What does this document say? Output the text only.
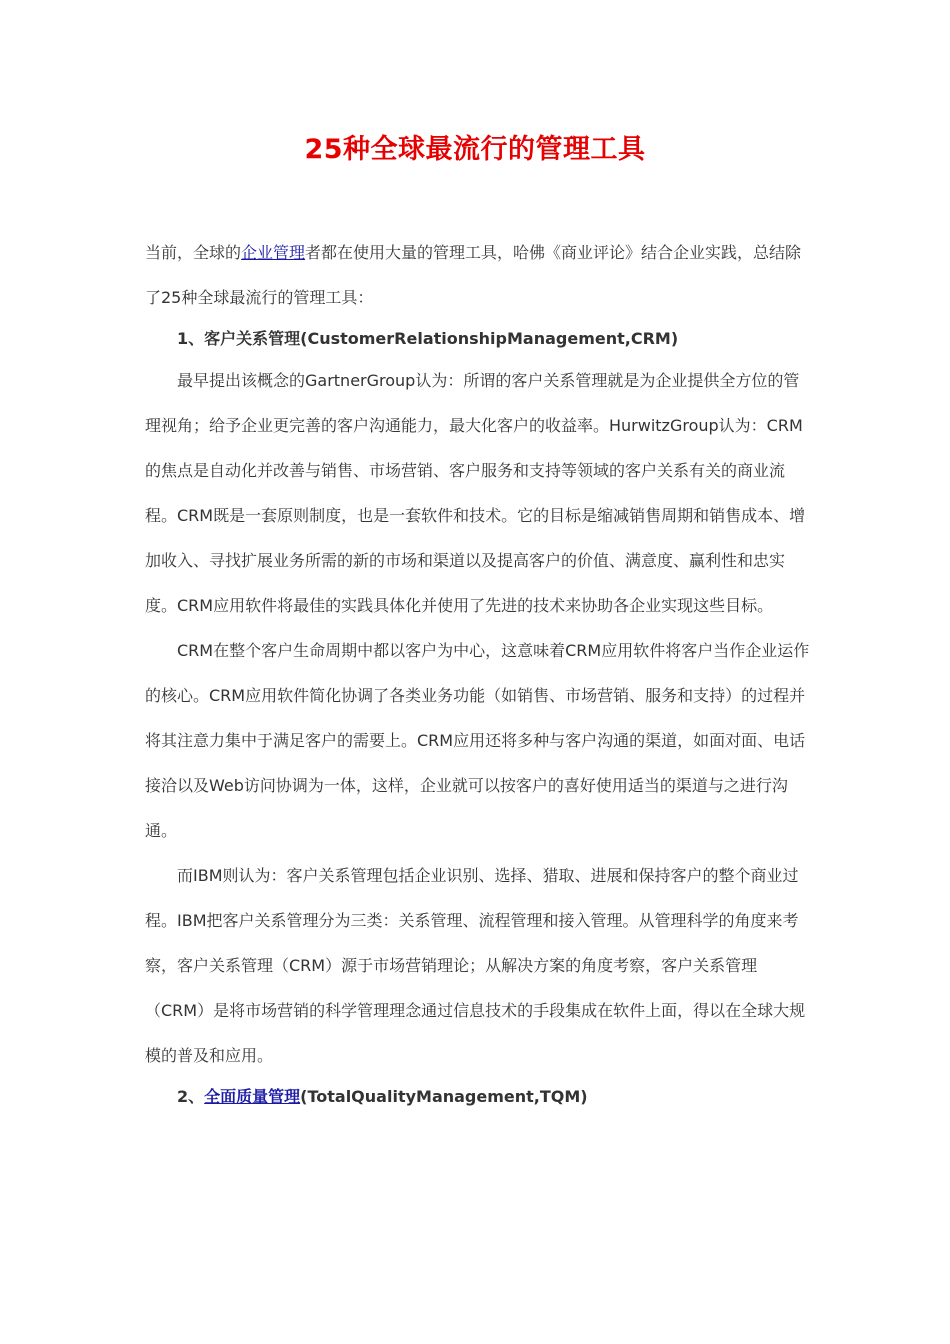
25种全球最流行的管理工具

当前，全球的企业管理者都在使用大量的管理工具，哈佛《商业评论》结合企业实践，总结除了25种全球最流行的管理工具：

1、客户关系管理(CustomerRelationshipManagement,CRM)

最早提出该概念的GartnerGroup认为：所谓的客户关系管理就是为企业提供全方位的管理视角；给予企业更完善的客户沟通能力，最大化客户的收益率。HurwitzGroup认为：CRM的焦点是自动化并改善与销售、市场营销、客户服务和支持等领域的客户关系有关的商业流程。CRM既是一套原则制度，也是一套软件和技术。它的目标是缩减销售周期和销售成本、增加收入、寻找扩展业务所需的新的市场和渠道以及提高客户的价值、满意度、赢利性和忠实度。CRM应用软件将最佳的实践具体化并使用了先进的技术来协助各企业实现这些目标。

CRM在整个客户生命周期中都以客户为中心，这意味着CRM应用软件将客户当作企业运作的核心。CRM应用软件简化协调了各类业务功能（如销售、市场营销、服务和支持）的过程并将其注意力集中于满足客户的需要上。CRM应用还将多种与客户沟通的渠道，如面对面、电话接洽以及Web访问协调为一体，这样，企业就可以按客户的喜好使用适当的渠道与之进行沟通。

而IBM则认为：客户关系管理包括企业识别、选择、猎取、进展和保持客户的整个商业过程。IBM把客户关系管理分为三类：关系管理、流程管理和接入管理。从管理科学的角度来考察，客户关系管理（CRM）源于市场营销理论；从解决方案的角度考察，客户关系管理（CRM）是将市场营销的科学管理理念通过信息技术的手段集成在软件上面，得以在全球大规模的普及和应用。

2、全面质量管理(TotalQualityManagement,TQM)
